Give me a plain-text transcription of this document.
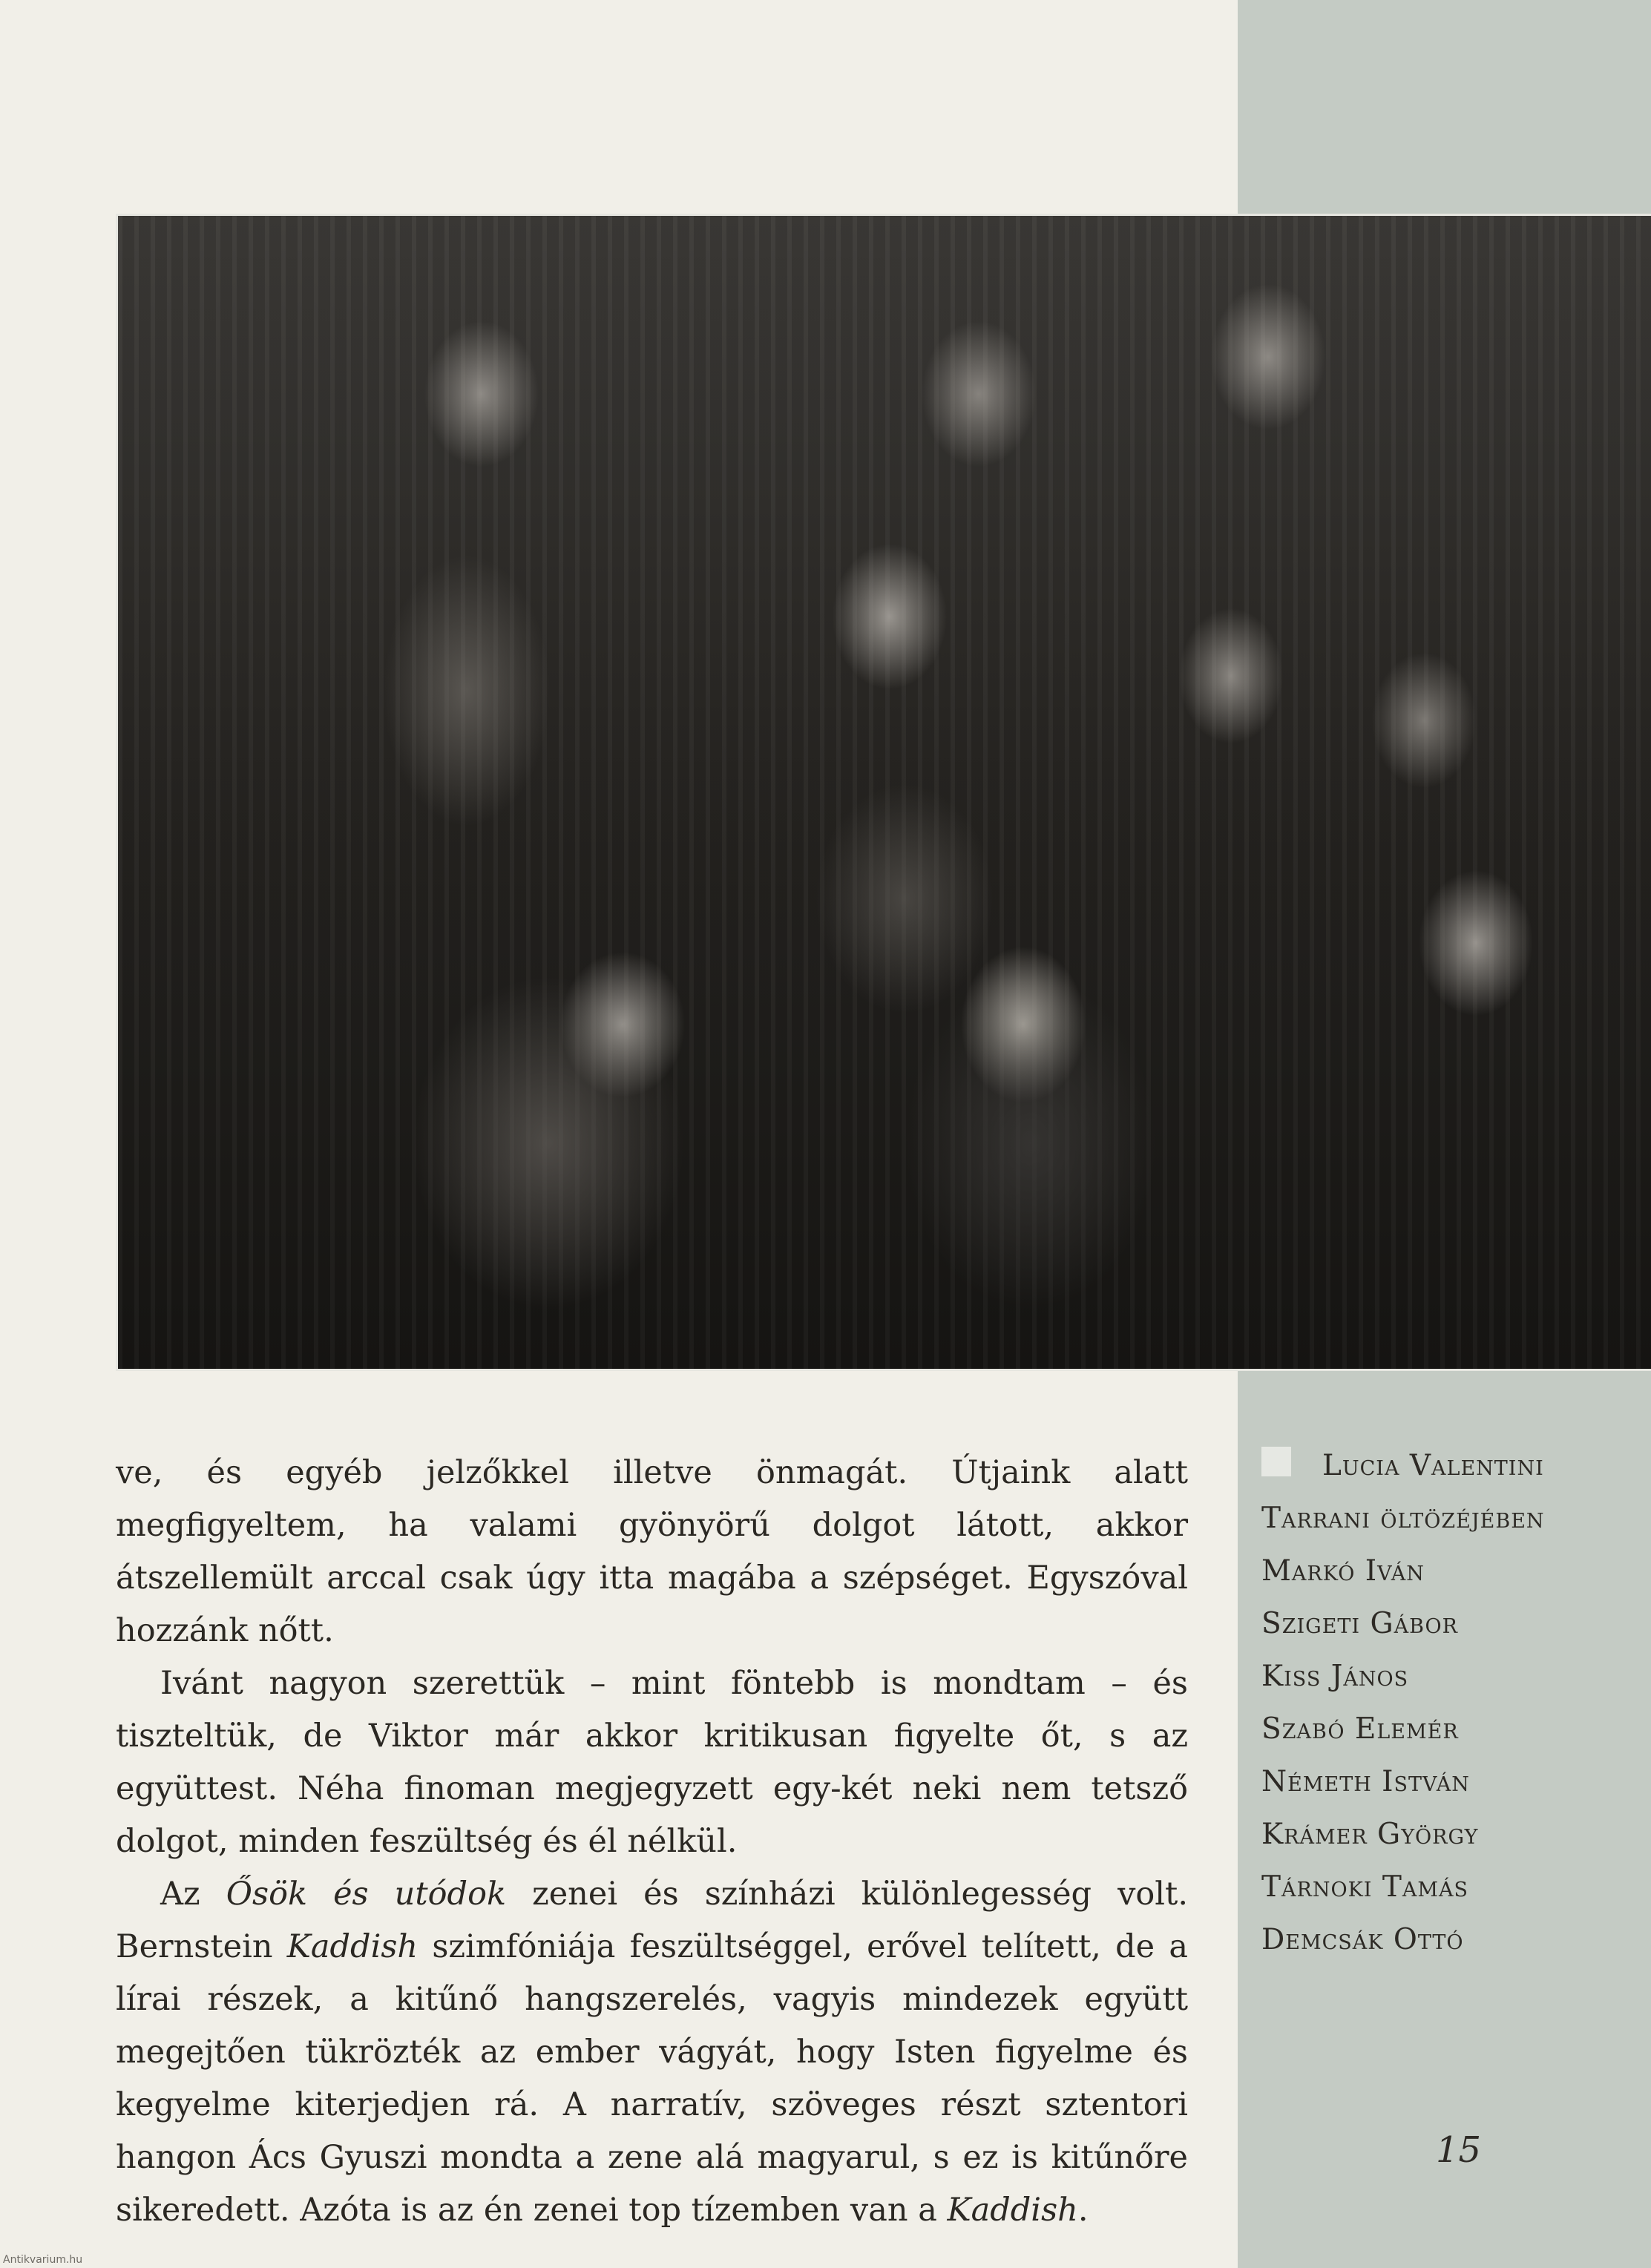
Lucia Valentini
Tarrani öltözéjében
Markó Iván
Szigeti Gábor
Kiss János
Szabó Elemér
Németh István
Krámer György
Tárnoki Tamás
Demcsák Ottó

ve, és egyéb jelzőkkel illetve önmagát. Útjaink alatt megfigyeltem, ha valami gyönyörű dolgot látott, akkor átszellemült arccal csak úgy itta magába a szépséget. Egyszóval hozzánk nőtt.

Ivánt nagyon szerettük – mint föntebb is mondtam – és tiszteltük, de Viktor már akkor kritikusan figyelte őt, s az együttest. Néha finoman megjegyzett egy-két neki nem tetsző dolgot, minden feszültség és él nélkül.

Az Ősök és utódok zenei és színházi különlegesség volt. Bernstein Kaddish szimfóniája feszültséggel, erővel telített, de a lírai részek, a kitűnő hangszerelés, vagyis mindezek együtt megejtően tükrözték az ember vágyát, hogy Isten figyelme és kegyelme kiterjedjen rá. A narratív, szöveges részt sztentori hangon Ács Gyuszi mondta a zene alá magyarul, s ez is kitűnőre sikeredett. Azóta is az én zenei top tízemben van a Kaddish.

15
Antikvarium.hu
